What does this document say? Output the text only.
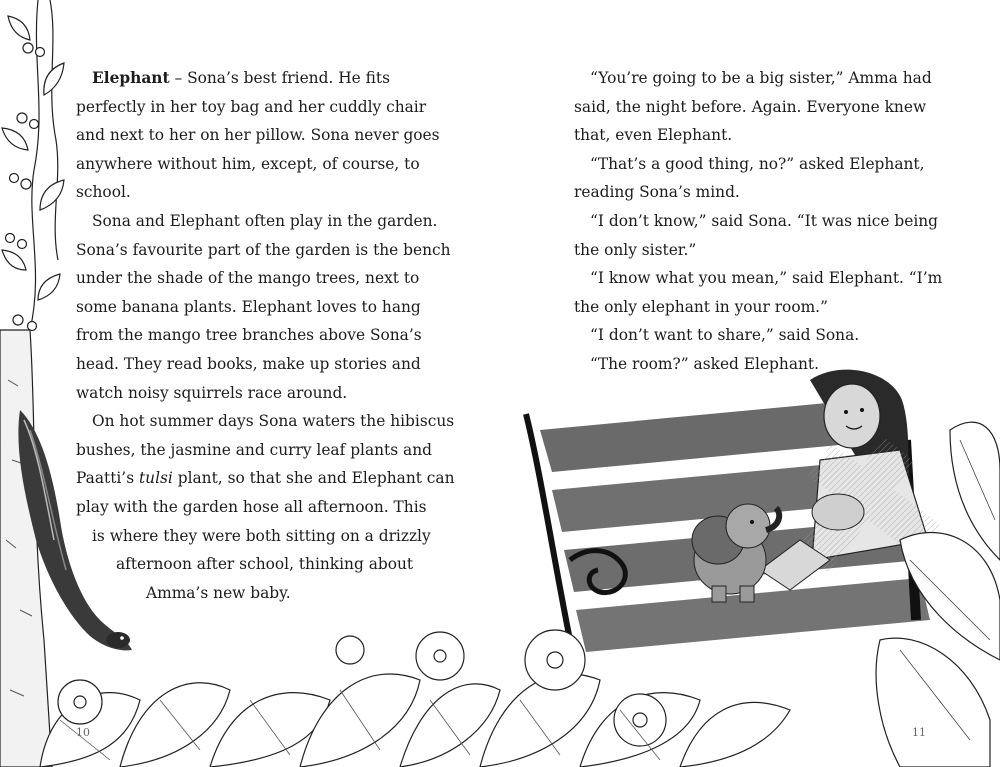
Elephant – Sona’s best friend. He fits
perfectly in her toy bag and her cuddly chair
and next to her on her pillow. Sona never goes
anywhere without him, except, of course, to
school.
Sona and Elephant often play in the garden.
Sona’s favourite part of the garden is the bench
under the shade of the mango trees, next to
some banana plants. Elephant loves to hang
from the mango tree branches above Sona’s
head. They read books, make up stories and
watch noisy squirrels race around.
On hot summer days Sona waters the hibiscus
bushes, the jasmine and curry leaf plants and
Paatti’s tulsi plant, so that she and Elephant can
play with the garden hose all afternoon. This
is where they were both sitting on a drizzly
afternoon after school, thinking about
Amma’s new baby.
“You’re going to be a big sister,” Amma had
said, the night before. Again. Everyone knew
that, even Elephant.
“That’s a good thing, no?” asked Elephant,
reading Sona’s mind.
“I don’t know,” said Sona. “It was nice being
the only sister.”
“I know what you mean,” said Elephant. “I’m
the only elephant in your room.”
“I don’t want to share,” said Sona.
“The room?” asked Elephant.
10	11
